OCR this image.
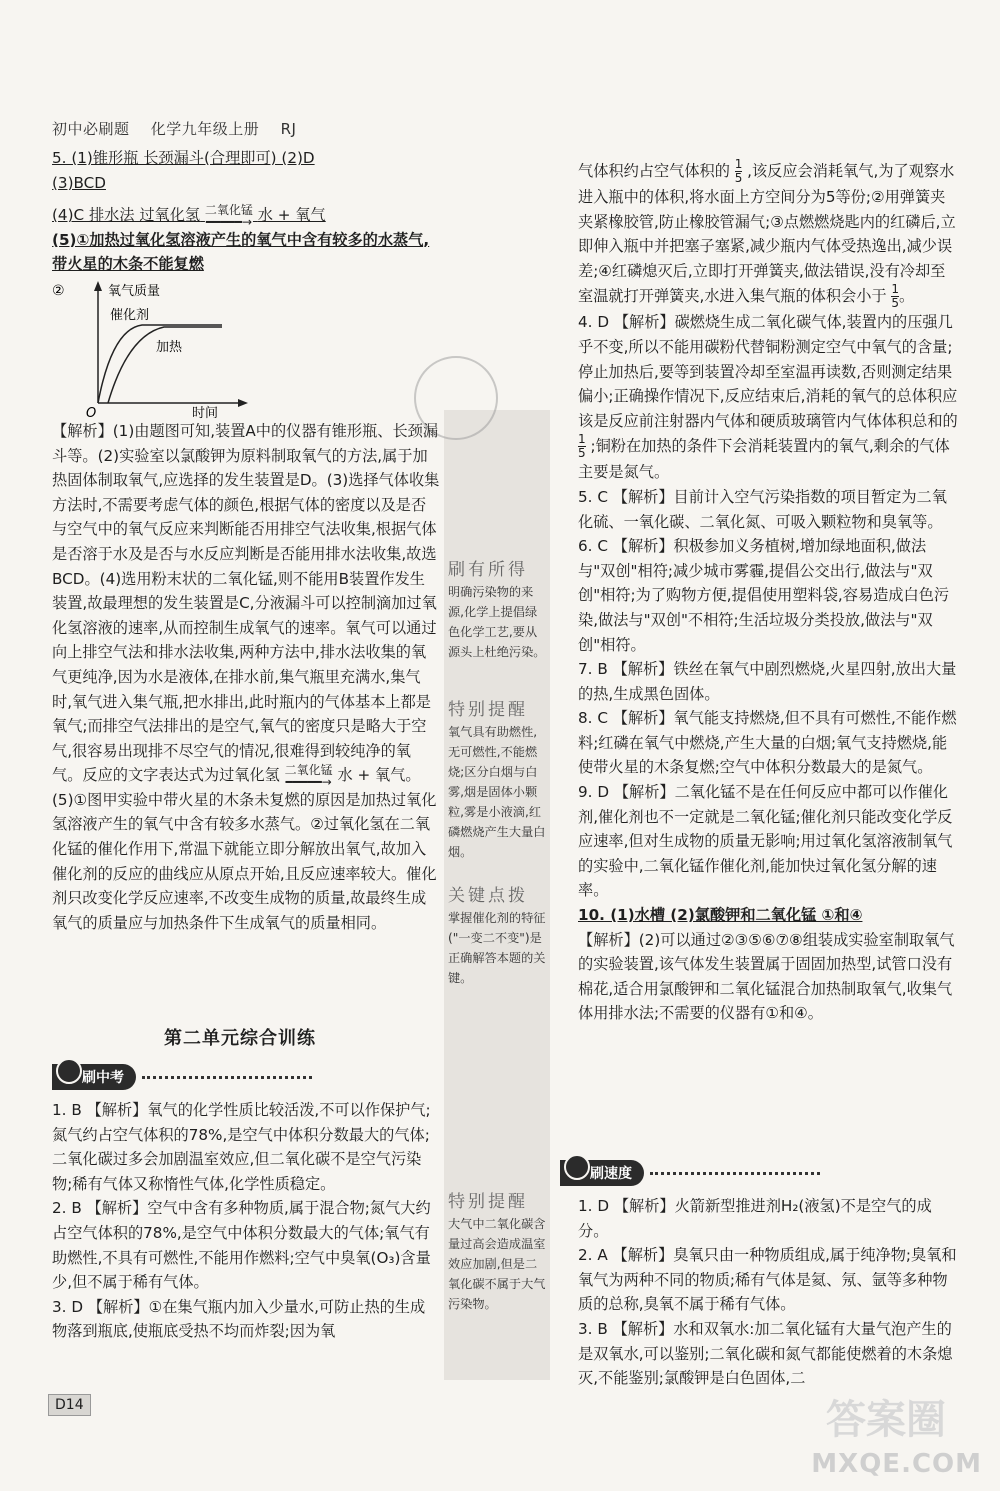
初中必刷题 化学九年级上册 RJ

5. (1)锥形瓶 长颈漏斗(合理即可) (2)D

(3)BCD

(4)C 排水法 过氧化氢 二氧化锰
━━━━━→ 水 + 氧气

(5)①加热过氧化氢溶液产生的氧气中含有较多的水蒸气,带火星的木条不能复燃

②	氧气质量
催化剂
加热
O	时间

【解析】(1)由题图可知,装置A中的仪器有锥形瓶、长颈漏斗等。(2)实验室以氯酸钾为原料制取氧气的方法,属于加热固体制取氧气,应选择的发生装置是D。(3)选择气体收集方法时,不需要考虑气体的颜色,根据气体的密度以及是否与空气中的氧气反应来判断能否用排空气法收集,根据气体是否溶于水及是否与水反应判断是否能用排水法收集,故选BCD。(4)选用粉末状的二氧化锰,则不能用B装置作发生装置,故最理想的发生装置是C,分液漏斗可以控制滴加过氧化氢溶液的速率,从而控制生成氧气的速率。氧气可以通过向上排空气法和排水法收集,两种方法中,排水法收集的氧气更纯净,因为水是液体,在排水前,集气瓶里充满水,集气时,氧气进入集气瓶,把水排出,此时瓶内的气体基本上都是氧气;而排空气法排出的是空气,氧气的密度只是略大于空气,很容易出现排不尽空气的情况,很难得到较纯净的氧气。反应的文字表达式为过氧化氢 二氧化锰
━━━━━→ 水 + 氧气。(5)①图甲实验中带火星的木条未复燃的原因是加热过氧化氢溶液产生的氧气中含有较多水蒸气。②过氧化氢在二氧化锰的催化作用下,常温下就能立即分解放出氧气,故加入催化剂的反应的曲线应从原点开始,且反应速率较大。催化剂只改变化学反应速率,不改变生成物的质量,故最终生成氧气的质量应与加热条件下生成氧气的质量相同。

第二单元综合训练
刷中考

1. B 【解析】氧气的化学性质比较活泼,不可以作保护气;氮气约占空气体积的78%,是空气中体积分数最大的气体;二氧化碳过多会加剧温室效应,但二氧化碳不是空气污染物;稀有气体又称惰性气体,化学性质稳定。

2. B 【解析】空气中含有多种物质,属于混合物;氮气大约占空气体积的78%,是空气中体积分数最大的气体;氧气有助燃性,不具有可燃性,不能用作燃料;空气中臭氧(O₃)含量少,但不属于稀有气体。

3. D 【解析】①在集气瓶内加入少量水,可防止热的生成物落到瓶底,使瓶底受热不均而炸裂;因为氧

刷有所得
明确污染物的来源,化学上提倡绿色化学工艺,要从源头上杜绝污染。
特别提醒
氧气具有助燃性,无可燃性,不能燃烧;区分白烟与白雾,烟是固体小颗粒,雾是小液滴,红磷燃烧产生大量白烟。
关键点拨
掌握催化剂的特征("一变二不变")是正确解答本题的关键。
特别提醒
大气中二氧化碳含量过高会造成温室效应加剧,但是二氧化碳不属于大气污染物。

气体积约占空气体积的 $\frac{1}{5}$ ,该反应会消耗氧气,为了观察水进入瓶中的体积,将水面上方空间分为5等份;②用弹簧夹夹紧橡胶管,防止橡胶管漏气;③点燃燃烧匙内的红磷后,立即伸入瓶中并把塞子塞紧,减少瓶内气体受热逸出,减少误差;④红磷熄灭后,立即打开弹簧夹,做法错误,没有冷却至室温就打开弹簧夹,水进入集气瓶的体积会小于 $\frac{1}{5}$ 。

4. D 【解析】碳燃烧生成二氧化碳气体,装置内的压强几乎不变,所以不能用碳粉代替铜粉测定空气中氧气的含量;停止加热后,要等到装置冷却至室温再读数,否则测定结果偏小;正确操作情况下,反应结束后,消耗的氧气的总体积应该是反应前注射器内气体和硬质玻璃管内气体体积总和的
$\frac{1}{5}$ ;铜粉在加热的条件下会消耗装置内的氧气,剩余的气体主要是氮气。

5. C 【解析】目前计入空气污染指数的项目暂定为二氧化硫、一氧化碳、二氧化氮、可吸入颗粒物和臭氧等。

6. C 【解析】积极参加义务植树,增加绿地面积,做法与"双创"相符;减少城市雾霾,提倡公交出行,做法与"双创"相符;为了购物方便,提倡使用塑料袋,容易造成白色污染,做法与"双创"不相符;生活垃圾分类投放,做法与"双创"相符。

7. B 【解析】铁丝在氧气中剧烈燃烧,火星四射,放出大量的热,生成黑色固体。

8. C 【解析】氧气能支持燃烧,但不具有可燃性,不能作燃料;红磷在氧气中燃烧,产生大量的白烟;氧气支持燃烧,能使带火星的木条复燃;空气中体积分数最大的是氮气。

9. D 【解析】二氧化锰不是在任何反应中都可以作催化剂,催化剂也不一定就是二氧化锰;催化剂只能改变化学反应速率,但对生成物的质量无影响;用过氧化氢溶液制氧气的实验中,二氧化锰作催化剂,能加快过氧化氢分解的速率。

10. (1)水槽 (2)氯酸钾和二氧化锰 ①和④

【解析】(2)可以通过②③⑤⑥⑦⑧组装成实验室制取氧气的实验装置,该气体发生装置属于固固加热型,试管口没有棉花,适合用氯酸钾和二氧化锰混合加热制取氧气,收集气体用排水法;不需要的仪器有①和④。

刷速度

1. D 【解析】火箭新型推进剂H₂(液氢)不是空气的成分。

2. A 【解析】臭氧只由一种物质组成,属于纯净物;臭氧和氧气为两种不同的物质;稀有气体是氦、氖、氩等多种物质的总称,臭氧不属于稀有气体。

3. B 【解析】水和双氧水:加二氧化锰有大量气泡产生的是双氧水,可以鉴别;二氧化碳和氮气都能使燃着的木条熄灭,不能鉴别;氯酸钾是白色固体,二

D14	答案圈
MXQE.COM
